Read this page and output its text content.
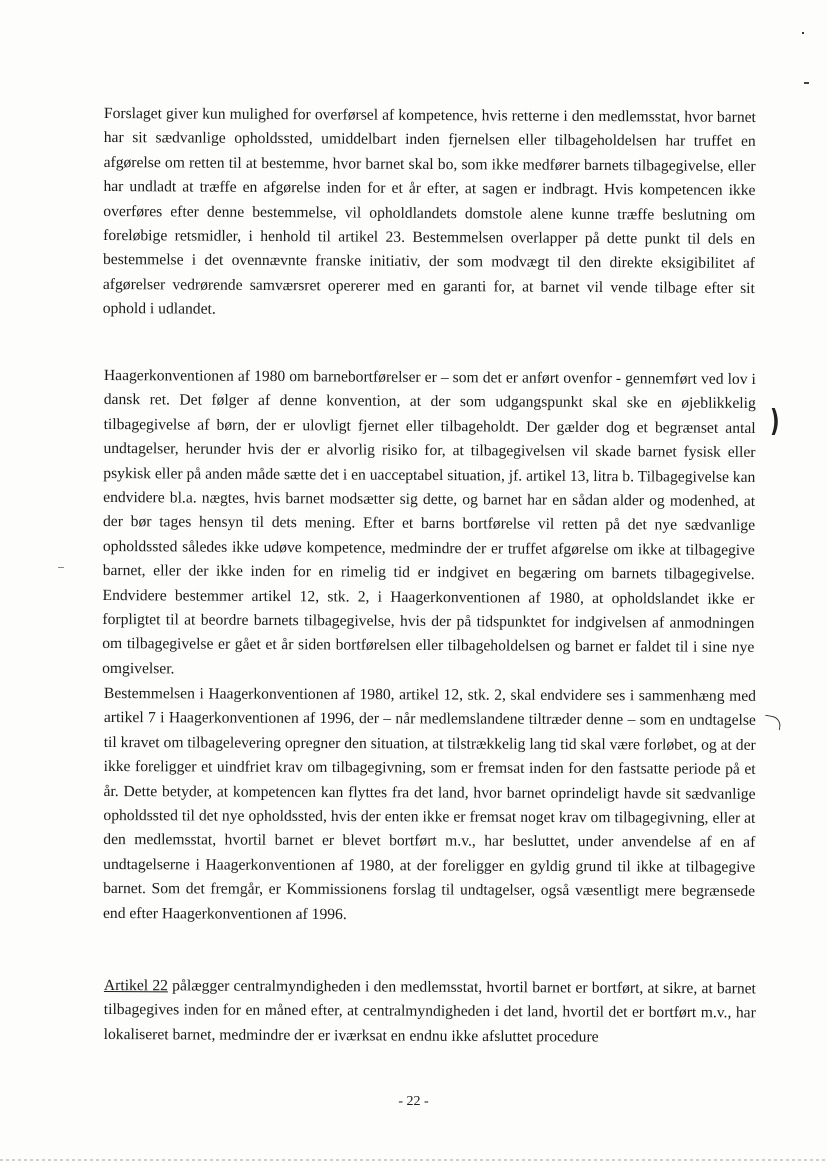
Forslaget giver kun mulighed for overførsel af kompetence, hvis retterne i den medlemsstat, hvor barnet har sit sædvanlige opholdssted, umiddelbart inden fjernelsen eller tilbageholdelsen har truffet en afgørelse om retten til at bestemme, hvor barnet skal bo, som ikke medfører barnets tilbagegivelse, eller har undladt at træffe en afgørelse inden for et år efter, at sagen er indbragt. Hvis kompetencen ikke overføres efter denne bestemmelse, vil opholdlandets domstole alene kunne træffe beslutning om foreløbige retsmidler, i henhold til artikel 23. Bestemmelsen overlapper på dette punkt til dels en bestemmelse i det ovennævnte franske initiativ, der som modvægt til den direkte eksigibilitet af afgørelser vedrørende samværsret opererer med en garanti for, at barnet vil vende tilbage efter sit ophold i udlandet.

Haagerkonventionen af 1980 om barnebortførelser er – som det er anført ovenfor - gennemført ved lov i dansk ret. Det følger af denne konvention, at der som udgangspunkt skal ske en øjeblikkelig tilbagegivelse af børn, der er ulovligt fjernet eller tilbageholdt. Der gælder dog et begrænset antal undtagelser, herunder hvis der er alvorlig risiko for, at tilbagegivelsen vil skade barnet fysisk eller psykisk eller på anden måde sætte det i en uacceptabel situation, jf. artikel 13, litra b. Tilbagegivelse kan endvidere bl.a. nægtes, hvis barnet modsætter sig dette, og barnet har en sådan alder og modenhed, at der bør tages hensyn til dets mening. Efter et barns bortførelse vil retten på det nye sædvanlige opholdssted således ikke udøve kompetence, medmindre der er truffet afgørelse om ikke at tilbagegive barnet, eller der ikke inden for en rimelig tid er indgivet en begæring om barnets tilbagegivelse. Endvidere bestemmer artikel 12, stk. 2, i Haagerkonventionen af 1980, at opholdslandet ikke er forpligtet til at beordre barnets tilbagegivelse, hvis der på tidspunktet for indgivelsen af anmodningen om tilbagegivelse er gået et år siden bortførelsen eller tilbageholdelsen og barnet er faldet til i sine nye omgivelser.

)

Bestemmelsen i Haagerkonventionen af 1980, artikel 12, stk. 2, skal endvidere ses i sammenhæng med artikel 7 i Haagerkonventionen af 1996, der – når medlemslandene tiltræder denne – som en undtagelse til kravet om tilbagelevering opregner den situation, at tilstrækkelig lang tid skal være forløbet, og at der ikke foreligger et uindfriet krav om tilbagegivning, som er fremsat inden for den fastsatte periode på et år. Dette betyder, at kompetencen kan flyttes fra det land, hvor barnet oprindeligt havde sit sædvanlige opholdssted til det nye opholdssted, hvis der enten ikke er fremsat noget krav om tilbagegivning, eller at den medlemsstat, hvortil barnet er blevet bortført m.v., har besluttet, under anvendelse af en af undtagelserne i Haagerkonventionen af 1980, at der foreligger en gyldig grund til ikke at tilbagegive barnet. Som det fremgår, er Kommissionens forslag til undtagelser, også væsentligt mere begrænsede end efter Haagerkonventionen af 1996.

Artikel 22 pålægger centralmyndigheden i den medlemsstat, hvortil barnet er bortført, at sikre, at barnet tilbagegives inden for en måned efter, at centralmyndigheden i det land, hvortil det er bortført m.v., har lokaliseret barnet, medmindre der er iværksat en endnu ikke afsluttet procedure

- 22 -
